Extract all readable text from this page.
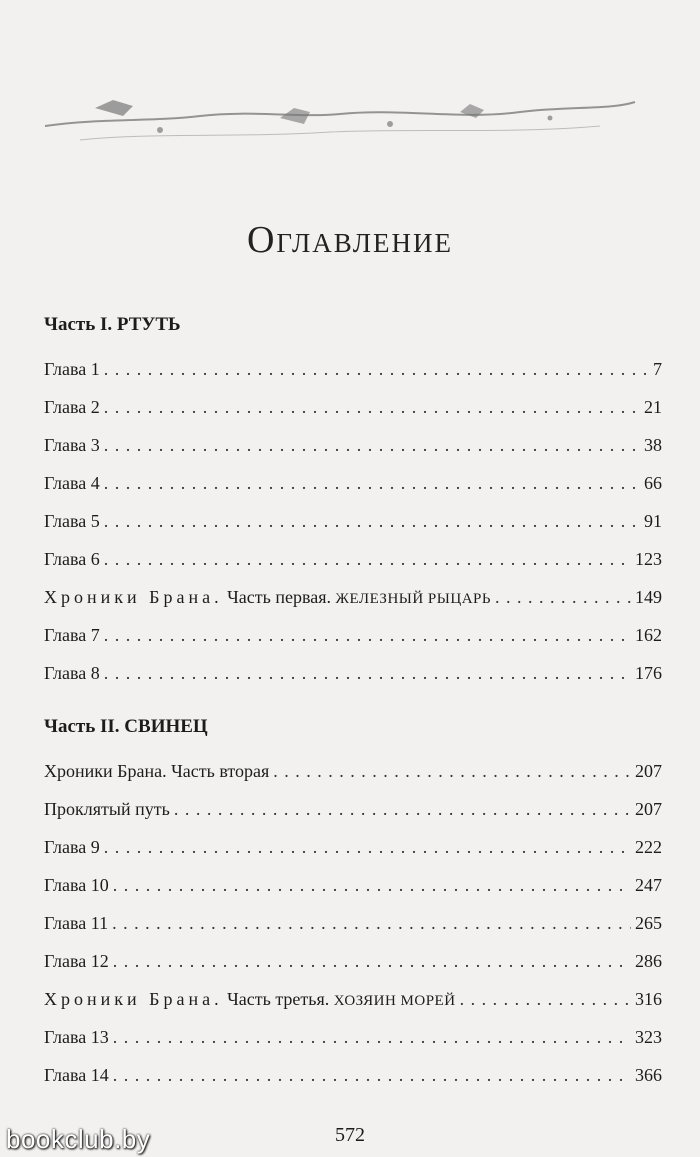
Оглавление
Часть I. РТУТЬ
Глава 1 . . .	7
Глава 2 . . .	21
Глава 3 . . .	38
Глава 4 . . .	66
Глава 5 . . .	91
Глава 6 . . .	123
Хроники Брана. Часть первая. ЖЕЛЕЗНЫЙ РЫЦАРЬ . . .	149
Глава 7 . . .	162
Глава 8 . . .	176
Часть II. СВИНЕЦ
Хроники Брана. Часть вторая . . .	207
Проклятый путь . . .	207
Глава 9 . . .	222
Глава 10 . . .	247
Глава 11 . . .	265
Глава 12 . . .	286
Хроники Брана. Часть третья. ХОЗЯИН МОРЕЙ . . .	316
Глава 13 . . .	323
Глава 14 . . .	366
bookclub.by	572
